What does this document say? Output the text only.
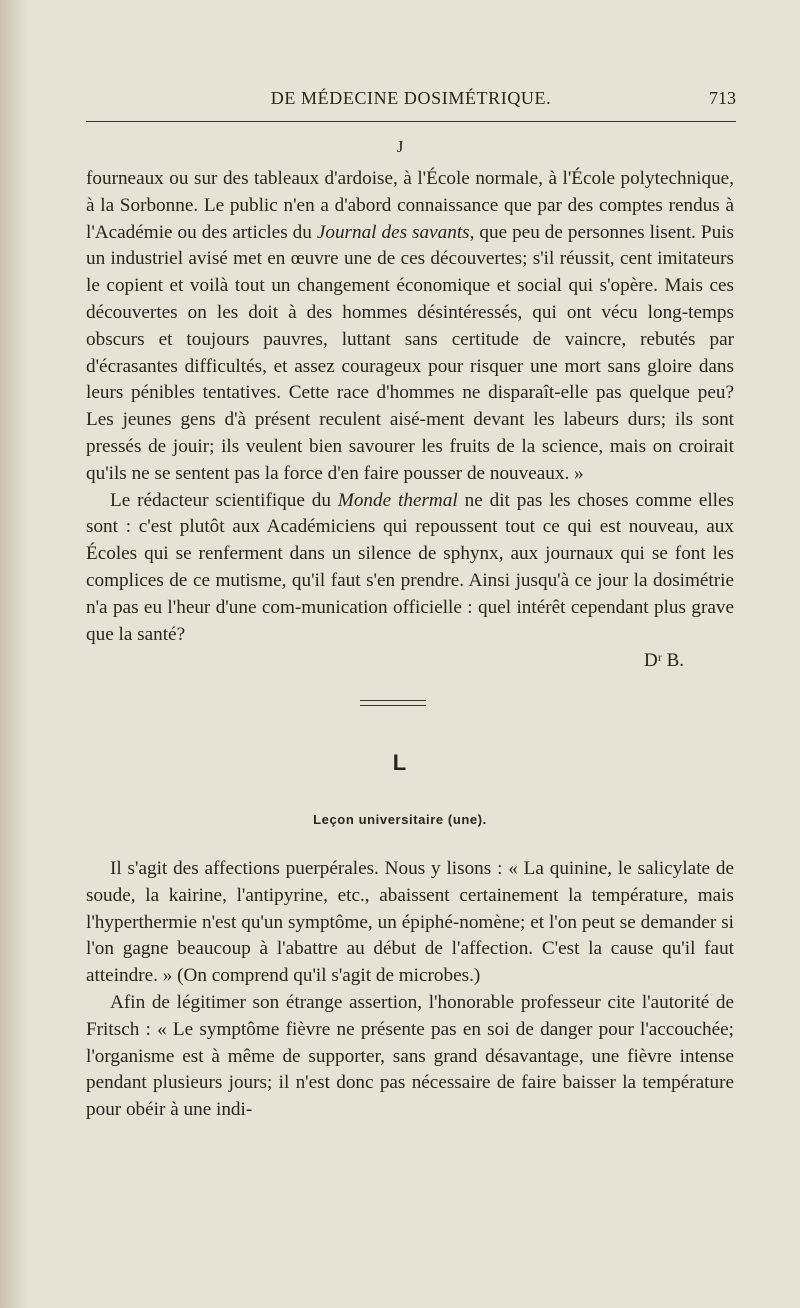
DE MÉDECINE DOSIMÉTRIQUE.	713
J

fourneaux ou sur des tableaux d'ardoise, à l'École normale, à l'École polytechnique, à la Sorbonne. Le public n'en a d'abord connaissance que par des comptes rendus à l'Académie ou des articles du Journal des savants, que peu de personnes lisent. Puis un industriel avisé met en œuvre une de ces découvertes; s'il réussit, cent imitateurs le copient et voilà tout un changement économique et social qui s'opère. Mais ces découvertes on les doit à des hommes désintéressés, qui ont vécu long-temps obscurs et toujours pauvres, luttant sans certitude de vaincre, rebutés par d'écrasantes difficultés, et assez courageux pour risquer une mort sans gloire dans leurs pénibles tentatives. Cette race d'hommes ne disparaît-elle pas quelque peu? Les jeunes gens d'à présent reculent aisé-ment devant les labeurs durs; ils sont pressés de jouir; ils veulent bien savourer les fruits de la science, mais on croirait qu'ils ne se sentent pas la force d'en faire pousser de nouveaux. »

Le rédacteur scientifique du Monde thermal ne dit pas les choses comme elles sont : c'est plutôt aux Académiciens qui repoussent tout ce qui est nouveau, aux Écoles qui se renferment dans un silence de sphynx, aux journaux qui se font les complices de ce mutisme, qu'il faut s'en prendre. Ainsi jusqu'à ce jour la dosimétrie n'a pas eu l'heur d'une com-munication officielle : quel intérêt cependant plus grave que la santé?

Dʳ B.
L
Leçon universitaire (une).

Il s'agit des affections puerpérales. Nous y lisons : « La quinine, le salicylate de soude, la kairine, l'antipyrine, etc., abaissent certainement la température, mais l'hyperthermie n'est qu'un symptôme, un épiphé-nomène; et l'on peut se demander si l'on gagne beaucoup à l'abattre au début de l'affection. C'est la cause qu'il faut atteindre. » (On comprend qu'il s'agit de microbes.)

Afin de légitimer son étrange assertion, l'honorable professeur cite l'autorité de Fritsch : « Le symptôme fièvre ne présente pas en soi de danger pour l'accouchée; l'organisme est à même de supporter, sans grand désavantage, une fièvre intense pendant plusieurs jours; il n'est donc pas nécessaire de faire baisser la température pour obéir à une indi-
